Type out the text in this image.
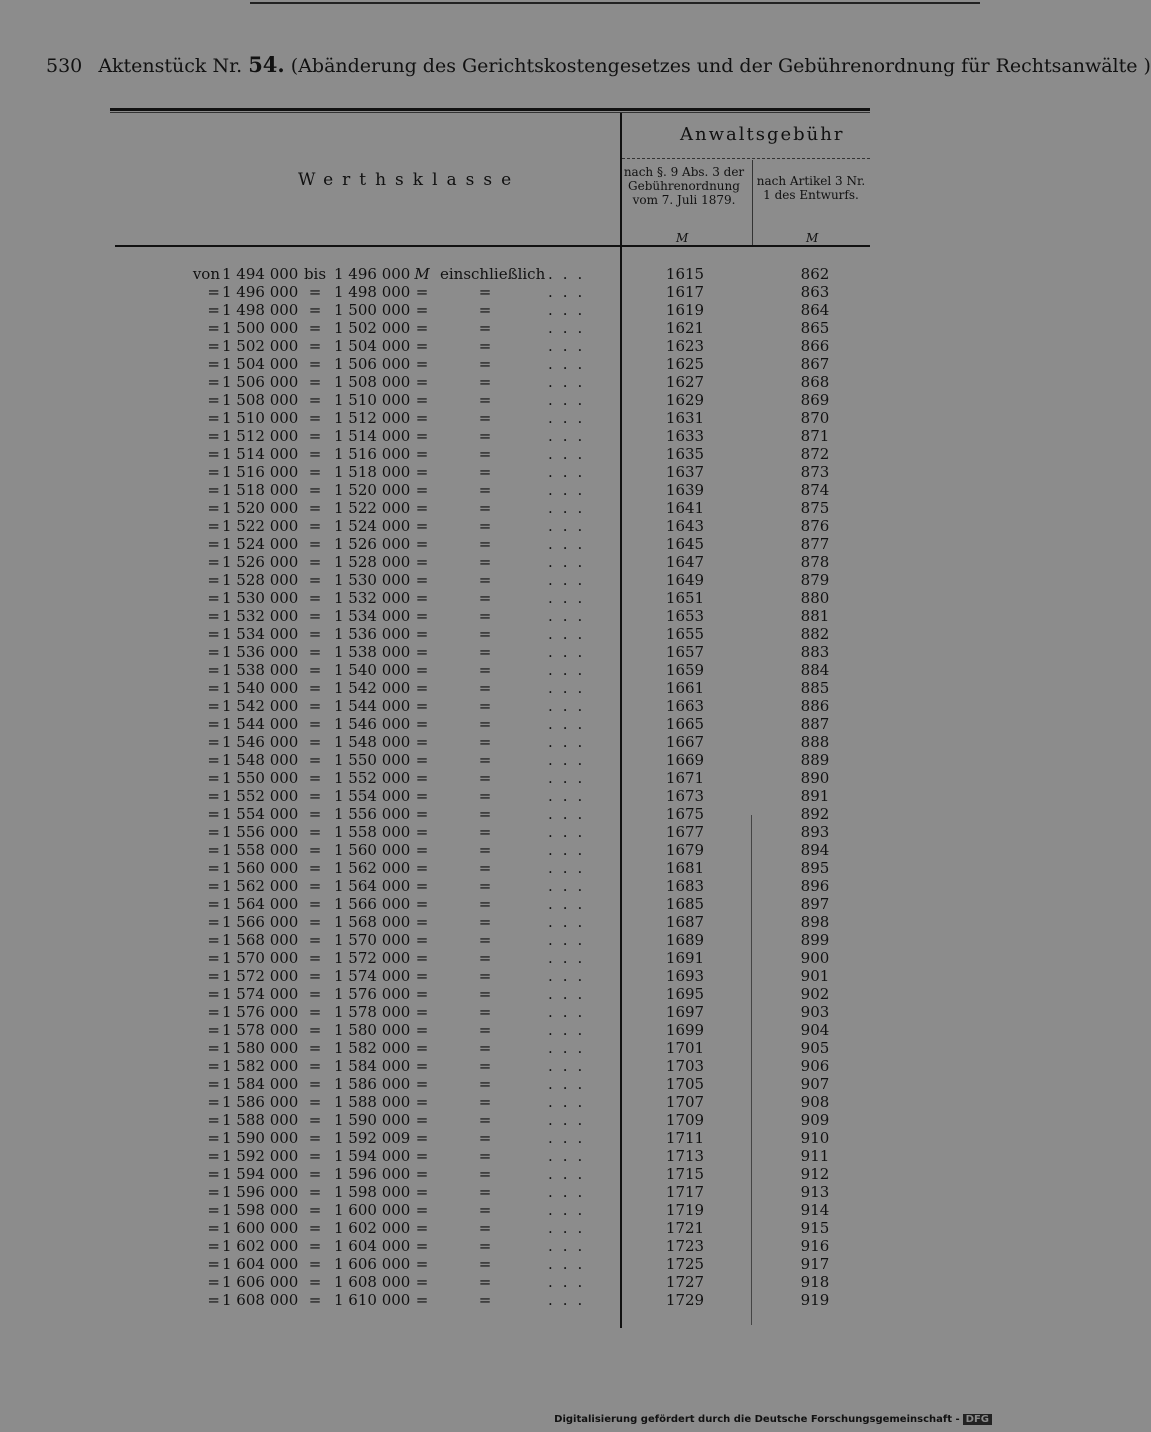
530 Aktenstück Nr. 54. (Abänderung des Gerichtskostengesetzes und der Gebührenordnung für Rechtsanwälte )
Werthsklasse
Anwaltsgebühr
nach §. 9 Abs. 3 der Gebührenordnung vom 7. Juli 1879.
nach Artikel 3 Nr. 1 des Entwurfs.
M	M
von 1 494 000 bis 1 496 000 M einschließlich ...	1615	862
= 1 496 000 = 1 498 000 =	=	...	1617	863
= 1 498 000 = 1 500 000 =	=	...	1619	864
= 1 500 000 = 1 502 000 =	=	...	1621	865
= 1 502 000 = 1 504 000 =	=	...	1623	866
= 1 504 000 = 1 506 000 =	=	...	1625	867
= 1 506 000 = 1 508 000 =	=	...	1627	868
= 1 508 000 = 1 510 000 =	=	...	1629	869
= 1 510 000 = 1 512 000 =	=	...	1631	870
= 1 512 000 = 1 514 000 =	=	...	1633	871
= 1 514 000 = 1 516 000 =	=	...	1635	872
= 1 516 000 = 1 518 000 =	=	...	1637	873
= 1 518 000 = 1 520 000 =	=	...	1639	874
= 1 520 000 = 1 522 000 =	=	...	1641	875
= 1 522 000 = 1 524 000 =	=	...	1643	876
= 1 524 000 = 1 526 000 =	=	...	1645	877
= 1 526 000 = 1 528 000 =	=	...	1647	878
= 1 528 000 = 1 530 000 =	=	...	1649	879
= 1 530 000 = 1 532 000 =	=	...	1651	880
= 1 532 000 = 1 534 000 =	=	...	1653	881
= 1 534 000 = 1 536 000 =	=	...	1655	882
= 1 536 000 = 1 538 000 =	=	...	1657	883
= 1 538 000 = 1 540 000 =	=	...	1659	884
= 1 540 000 = 1 542 000 =	=	...	1661	885
= 1 542 000 = 1 544 000 =	=	...	1663	886
= 1 544 000 = 1 546 000 =	=	...	1665	887
= 1 546 000 = 1 548 000 =	=	...	1667	888
= 1 548 000 = 1 550 000 =	=	...	1669	889
= 1 550 000 = 1 552 000 =	=	...	1671	890
= 1 552 000 = 1 554 000 =	=	...	1673	891
= 1 554 000 = 1 556 000 =	=	...	1675	892
= 1 556 000 = 1 558 000 =	=	...	1677	893
= 1 558 000 = 1 560 000 =	=	...	1679	894
= 1 560 000 = 1 562 000 =	=	...	1681	895
= 1 562 000 = 1 564 000 =	=	...	1683	896
= 1 564 000 = 1 566 000 =	=	...	1685	897
= 1 566 000 = 1 568 000 =	=	...	1687	898
= 1 568 000 = 1 570 000 =	=	...	1689	899
= 1 570 000 = 1 572 000 =	=	...	1691	900
= 1 572 000 = 1 574 000 =	=	...	1693	901
= 1 574 000 = 1 576 000 =	=	...	1695	902
= 1 576 000 = 1 578 000 =	=	...	1697	903
= 1 578 000 = 1 580 000 =	=	...	1699	904
= 1 580 000 = 1 582 000 =	=	...	1701	905
= 1 582 000 = 1 584 000 =	=	...	1703	906
= 1 584 000 = 1 586 000 =	=	...	1705	907
= 1 586 000 = 1 588 000 =	=	...	1707	908
= 1 588 000 = 1 590 000 =	=	...	1709	909
= 1 590 000 = 1 592 009 =	=	...	1711	910
= 1 592 000 = 1 594 000 =	=	...	1713	911
= 1 594 000 = 1 596 000 =	=	...	1715	912
= 1 596 000 = 1 598 000 =	=	...	1717	913
= 1 598 000 = 1 600 000 =	=	...	1719	914
= 1 600 000 = 1 602 000 =	=	...	1721	915
= 1 602 000 = 1 604 000 =	=	...	1723	916
= 1 604 000 = 1 606 000 =	=	...	1725	917
= 1 606 000 = 1 608 000 =	=	...	1727	918
= 1 608 000 = 1 610 000 =	=	...	1729	919
Digitalisierung gefördert durch die Deutsche Forschungsgemeinschaft - DFG
